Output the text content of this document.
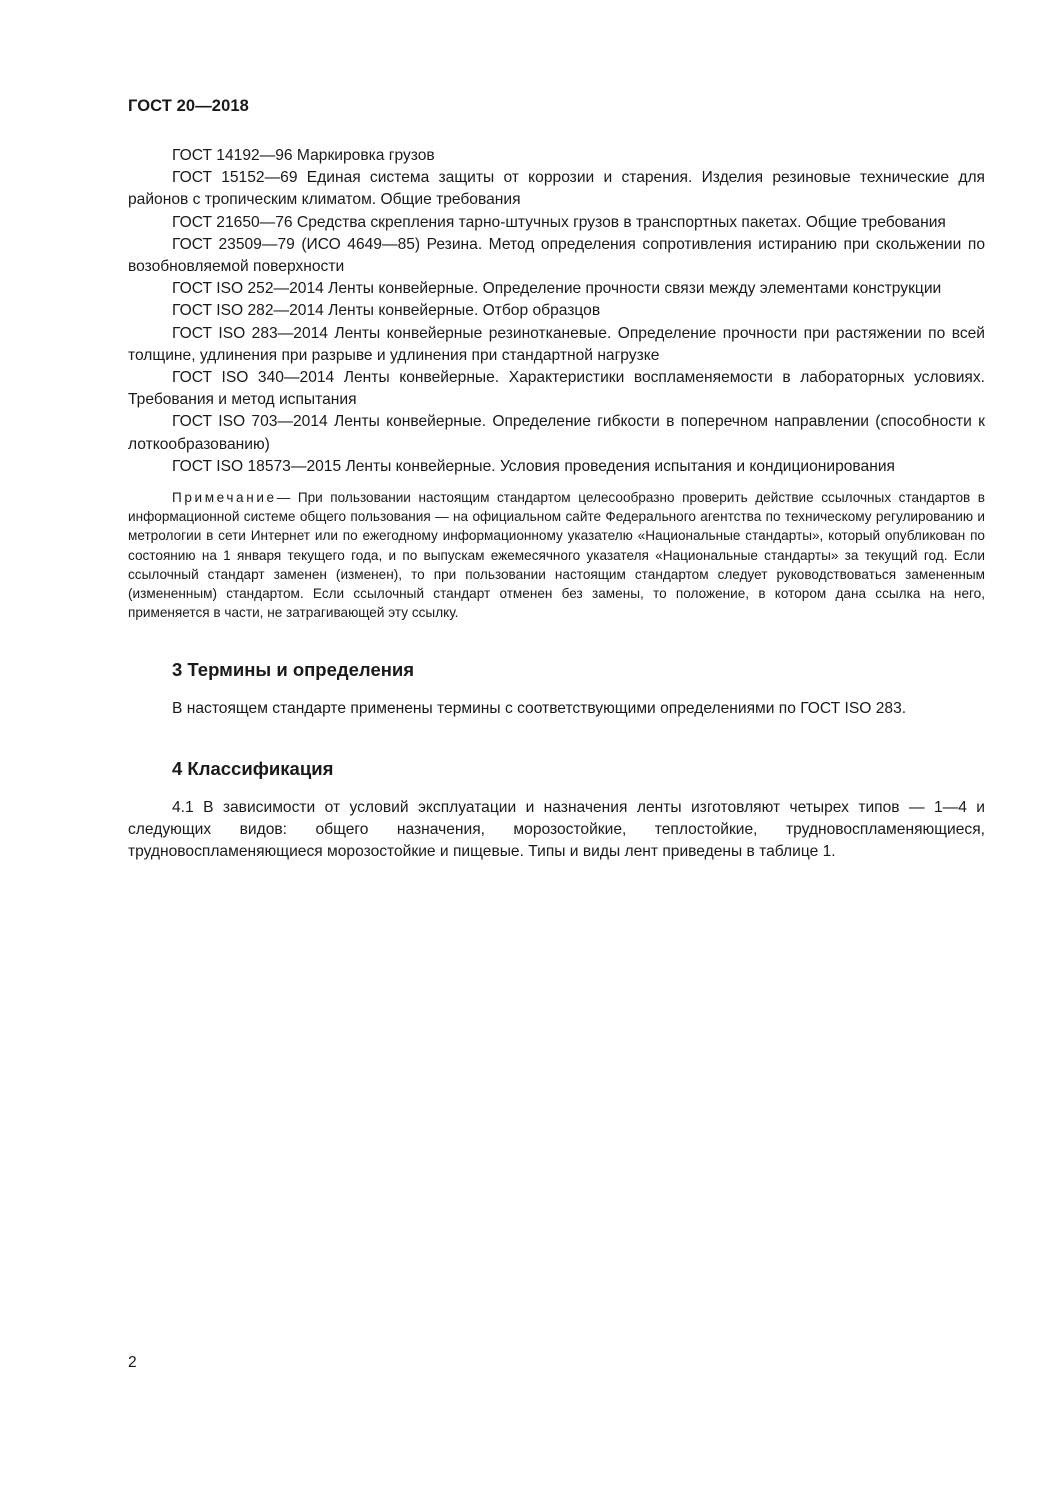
ГОСТ 20—2018

ГОСТ 14192—96 Маркировка грузов

ГОСТ 15152—69 Единая система защиты от коррозии и старения. Изделия резиновые технические для районов с тропическим климатом. Общие требования

ГОСТ 21650—76 Средства скрепления тарно-штучных грузов в транспортных пакетах. Общие требования

ГОСТ 23509—79 (ИСО 4649—85) Резина. Метод определения сопротивления истиранию при скольжении по возобновляемой поверхности

ГОСТ ISO 252—2014 Ленты конвейерные. Определение прочности связи между элементами конструкции

ГОСТ ISO 282—2014 Ленты конвейерные. Отбор образцов

ГОСТ ISO 283—2014 Ленты конвейерные резинотканевые. Определение прочности при растяжении по всей толщине, удлинения при разрыве и удлинения при стандартной нагрузке

ГОСТ ISO 340—2014 Ленты конвейерные. Характеристики воспламеняемости в лабораторных условиях. Требования и метод испытания

ГОСТ ISO 703—2014 Ленты конвейерные. Определение гибкости в поперечном направлении (способности к лоткообразованию)

ГОСТ ISO 18573—2015 Ленты конвейерные. Условия проведения испытания и кондиционирования

Примечание— При пользовании настоящим стандартом целесообразно проверить действие ссылочных стандартов в информационной системе общего пользования — на официальном сайте Федерального агентства по техническому регулированию и метрологии в сети Интернет или по ежегодному информационному указателю «Национальные стандарты», который опубликован по состоянию на 1 января текущего года, и по выпускам ежемесячного указателя «Национальные стандарты» за текущий год. Если ссылочный стандарт заменен (изменен), то при пользовании настоящим стандартом следует руководствоваться замененным (измененным) стандартом. Если ссылочный стандарт отменен без замены, то положение, в котором дана ссылка на него, применяется в части, не затрагивающей эту ссылку.

3 Термины и определения

В настоящем стандарте применены термины с соответствующими определениями по ГОСТ ISO 283.

4 Классификация

4.1 В зависимости от условий эксплуатации и назначения ленты изготовляют четырех типов — 1—4 и следующих видов: общего назначения, морозостойкие, теплостойкие, трудновоспламеняющиеся, трудновоспламеняющиеся морозостойкие и пищевые. Типы и виды лент приведены в таблице 1.

2
